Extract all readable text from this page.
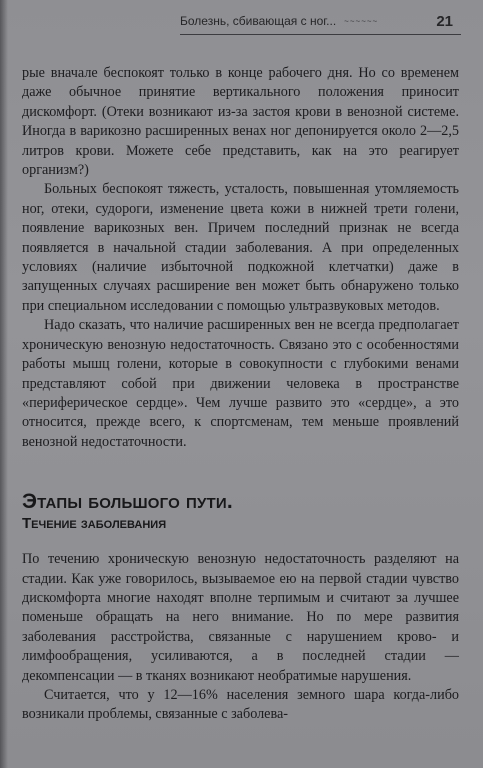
Болезнь, сбивающая с ног... ~~~~~~	21

рые вначале беспокоят только в конце рабочего дня. Но со временем даже обычное принятие вертикального положения приносит дискомфорт. (Отеки возникают из-за застоя крови в венозной системе. Иногда в варикозно расширенных венах ног депонируется около 2—2,5 литров крови. Можете себе представить, как на это реагирует организм?)

Больных беспокоят тяжесть, усталость, повышенная утомляемость ног, отеки, судороги, изменение цвета кожи в нижней трети голени, появление варикозных вен. Причем последний признак не всегда появляется в начальной стадии заболевания. А при определенных условиях (наличие избыточной подкожной клетчатки) даже в запущенных случаях расширение вен может быть обнаружено только при специальном исследовании с помощью ультразвуковых методов.

Надо сказать, что наличие расширенных вен не всегда предполагает хроническую венозную недостаточность. Связано это с особенностями работы мышц голени, которые в совокупности с глубокими венами представляют собой при движении человека в пространстве «периферическое сердце». Чем лучше развито это «сердце», а это относится, прежде всего, к спортсменам, тем меньше проявлений венозной недостаточности.

Этапы большого пути.
Течение заболевания

По течению хроническую венозную недостаточность разделяют на стадии. Как уже говорилось, вызываемое ею на первой стадии чувство дискомфорта многие находят вполне терпимым и считают за лучшее поменьше обращать на него внимание. Но по мере развития заболевания расстройства, связанные с нарушением крово- и лимфообращения, усиливаются, а в последней стадии — декомпенсации — в тканях возникают необратимые нарушения.

Считается, что у 12—16% населения земного шара когда-либо возникали проблемы, связанные с заболева-
